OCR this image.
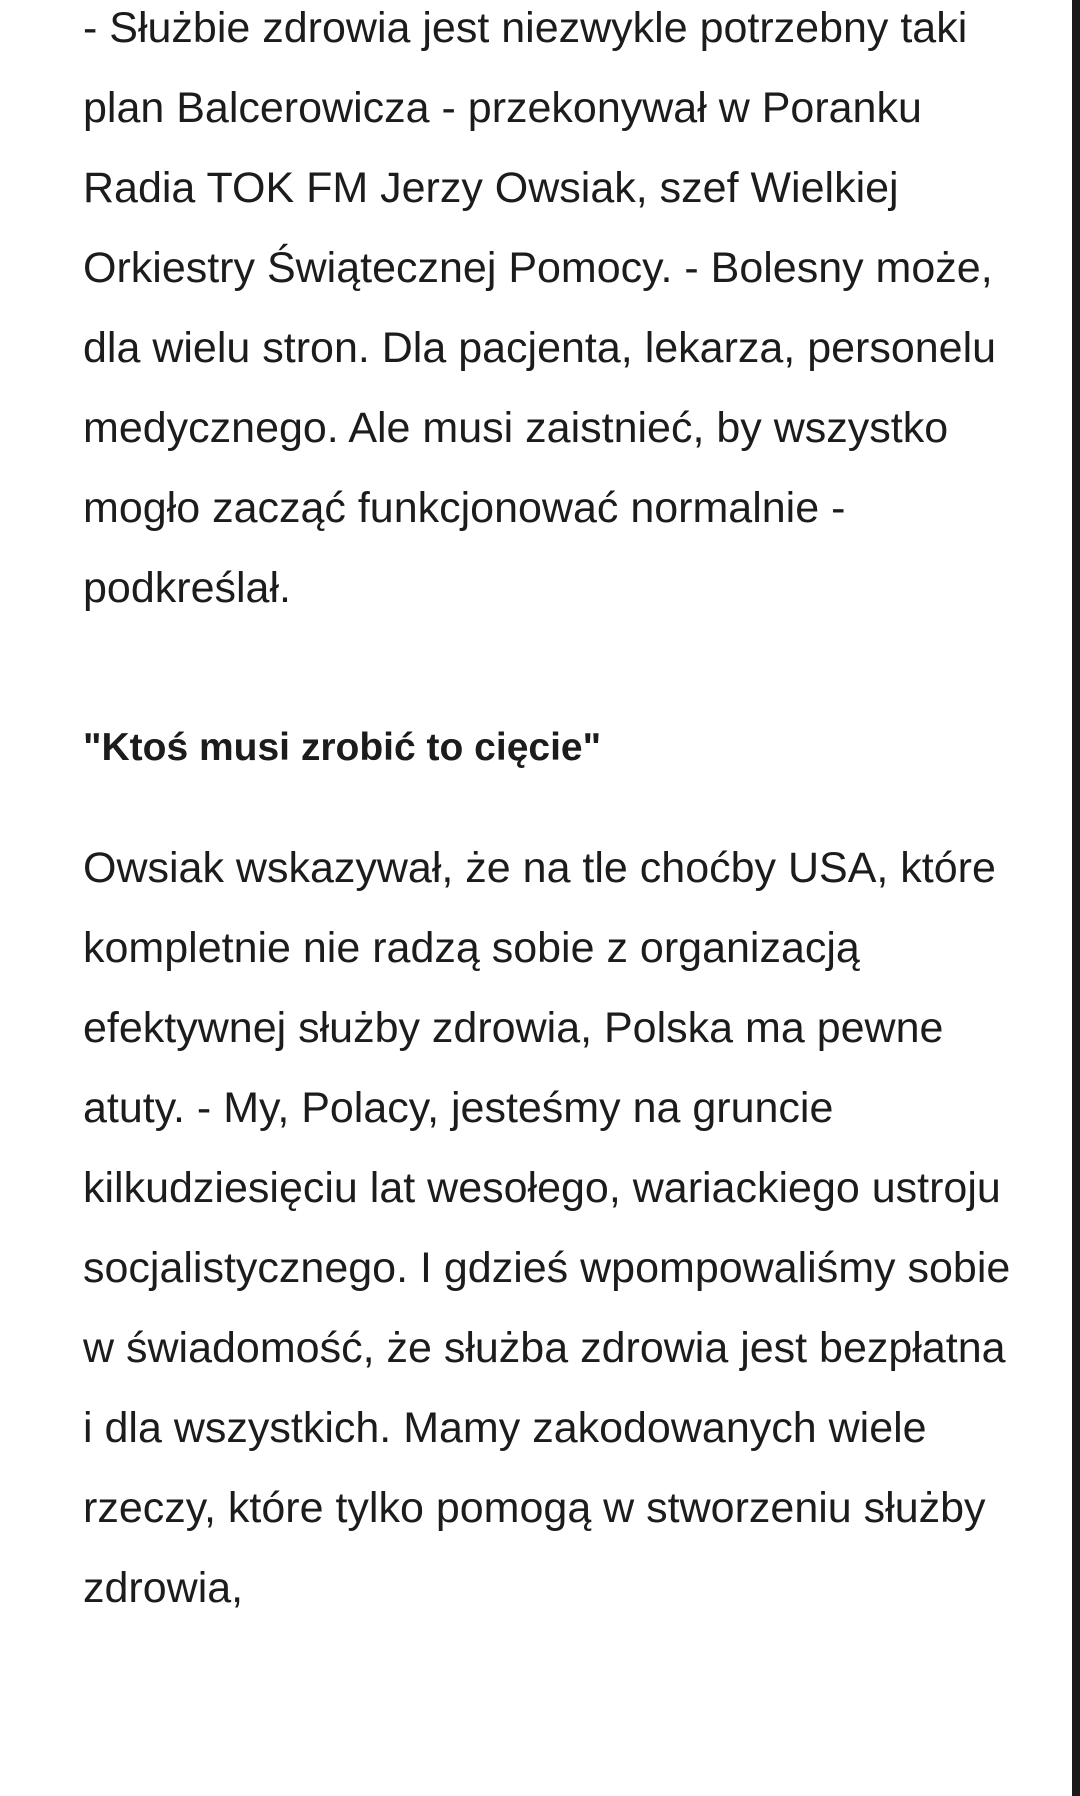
- Służbie zdrowia jest niezwykle potrzebny taki plan Balcerowicza - przekonywał w Poranku Radia TOK FM Jerzy Owsiak, szef Wielkiej Orkiestry Świątecznej Pomocy. - Bolesny może, dla wielu stron. Dla pacjenta, lekarza, personelu medycznego. Ale musi zaistnieć, by wszystko mogło zacząć funkcjonować normalnie - podkreślał.

"Ktoś musi zrobić to cięcie"

Owsiak wskazywał, że na tle choćby USA, które kompletnie nie radzą sobie z organizacją efektywnej służby zdrowia, Polska ma pewne atuty. - My, Polacy, jesteśmy na gruncie kilkudziesięciu lat wesołego, wariackiego ustroju socjalistycznego. I gdzieś wpompowaliśmy sobie w świadomość, że służba zdrowia jest bezpłatna i dla wszystkich. Mamy zakodowanych wiele rzeczy, które tylko pomogą w stworzeniu służby zdrowia,
